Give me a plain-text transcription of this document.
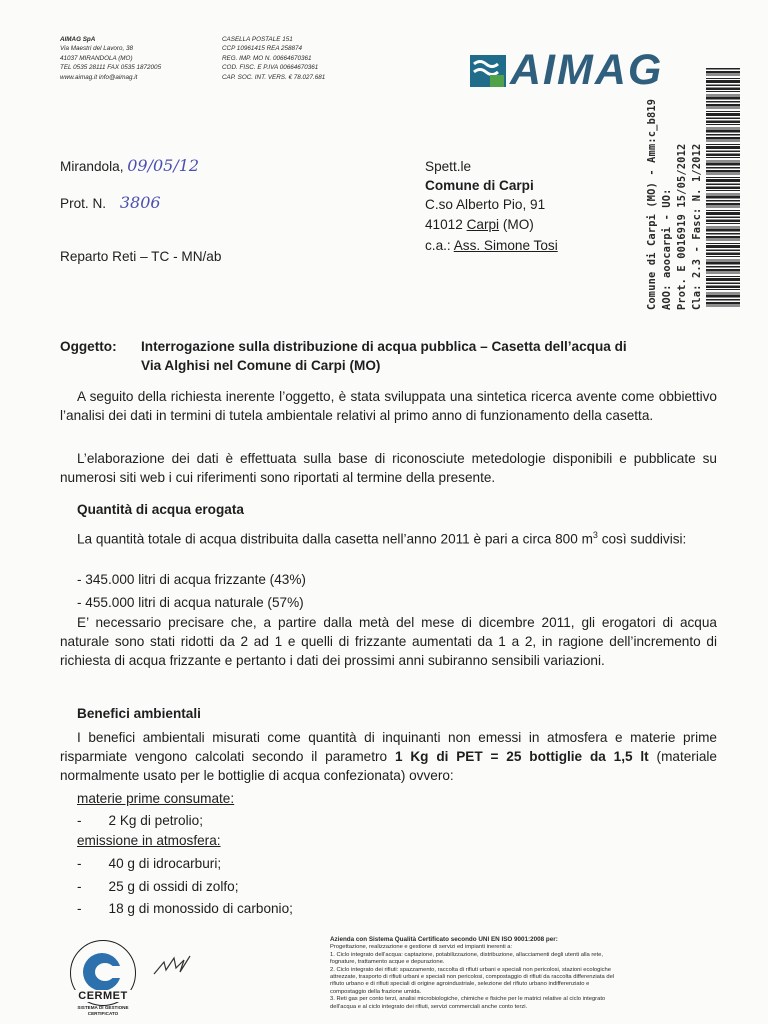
AIMAG SpA
Via Maestri del Lavoro, 38
41037 MIRANDOLA (MO)
TEL 0535 28111 FAX 0535 1872005
www.aimag.it info@aimag.it
CASELLA POSTALE 151
CCP 10961415 REA 258874
REG. IMP. MO N. 00664670361
COD. FISC. E P.IVA 00664670361
CAP. SOC. INT. VERS. € 78.027.681	AIMAG
Comune di Carpi (MO) - Amm:c_b819 AOO: aoocarpi - UO: Prot. E 0016919 15/05/2012 Cla: 2.3 - Fasc: N. 1/2012
Mirandola, 09/05/12
Prot. N. 3806
Reparto Reti – TC - MN/ab
Spett.le
Comune di Carpi
C.so Alberto Pio, 91
41012 Carpi (MO)
c.a.: Ass. Simone Tosi
Oggetto: Interrogazione sulla distribuzione di acqua pubblica – Casetta dell’acqua di
Via Alghisi nel Comune di Carpi (MO)
A seguito della richiesta inerente l’oggetto, è stata sviluppata una sintetica ricerca avente come obbiettivo l’analisi dei dati in termini di tutela ambientale relativi al primo anno di funzionamento della casetta.
L’elaborazione dei dati è effettuata sulla base di riconosciute metedologie disponibili e pubblicate su numerosi siti web i cui riferimenti sono riportati al termine della presente.
Quantità di acqua erogata
La quantità totale di acqua distribuita dalla casetta nell’anno 2011 è pari a circa 800 $m^3$ così suddivisi:
- 345.000 litri di acqua frizzante (43%)
- 455.000 litri di acqua naturale (57%)
E’ necessario precisare che, a partire dalla metà del mese di dicembre 2011, gli erogatori di acqua naturale sono stati ridotti da 2 ad 1 e quelli di frizzante aumentati da 1 a 2, in ragione dell’incremento di richiesta di acqua frizzante e pertanto i dati dei prossimi anni subiranno sensibili variazioni.
Benefici ambientali
I benefici ambientali misurati come quantità di inquinanti non emessi in atmosfera e materie prime risparmiate vengono calcolati secondo il parametro 1 Kg di PET = 25 bottiglie da 1,5 lt (materiale normalmente usato per le bottiglie di acqua confezionata) ovvero:
materie prime consumate:
- 2 Kg di petrolio;
emissione in atmosfera:
- 40 g di idrocarburi;
- 25 g di ossidi di zolfo;
- 18 g di monossido di carbonio;
CERMET
SISTEMA DI GESTIONE CERTIFICATO
Azienda con Sistema Qualità Certificato secondo UNI EN ISO 9001:2008 per:
Progettazione, realizzazione e gestione di servizi ed impianti inerenti a:
1. Ciclo integrato dell’acqua: captazione, potabilizzazione, distribuzione, allacciamenti degli utenti alla rete,
fognature, trattamento acque e depurazione.
2. Ciclo integrato dei rifiuti: spazzamento, raccolta di rifiuti urbani e speciali non pericolosi, stazioni ecologiche
attrezzate, trasporto di rifiuti urbani e speciali non pericolosi, compostaggio di rifiuti da raccolta differenziata del
rifiuto urbano e di rifiuti speciali di origine agroindustriale, selezione del rifiuto urbano indifferenziato e
compostaggio della frazione umida.
3. Reti gas per conto terzi, analisi microbiologiche, chimiche e fisiche per le matrici relative al ciclo integrato
dell’acqua e al ciclo integrato dei rifiuti, servizi commerciali anche conto terzi.
